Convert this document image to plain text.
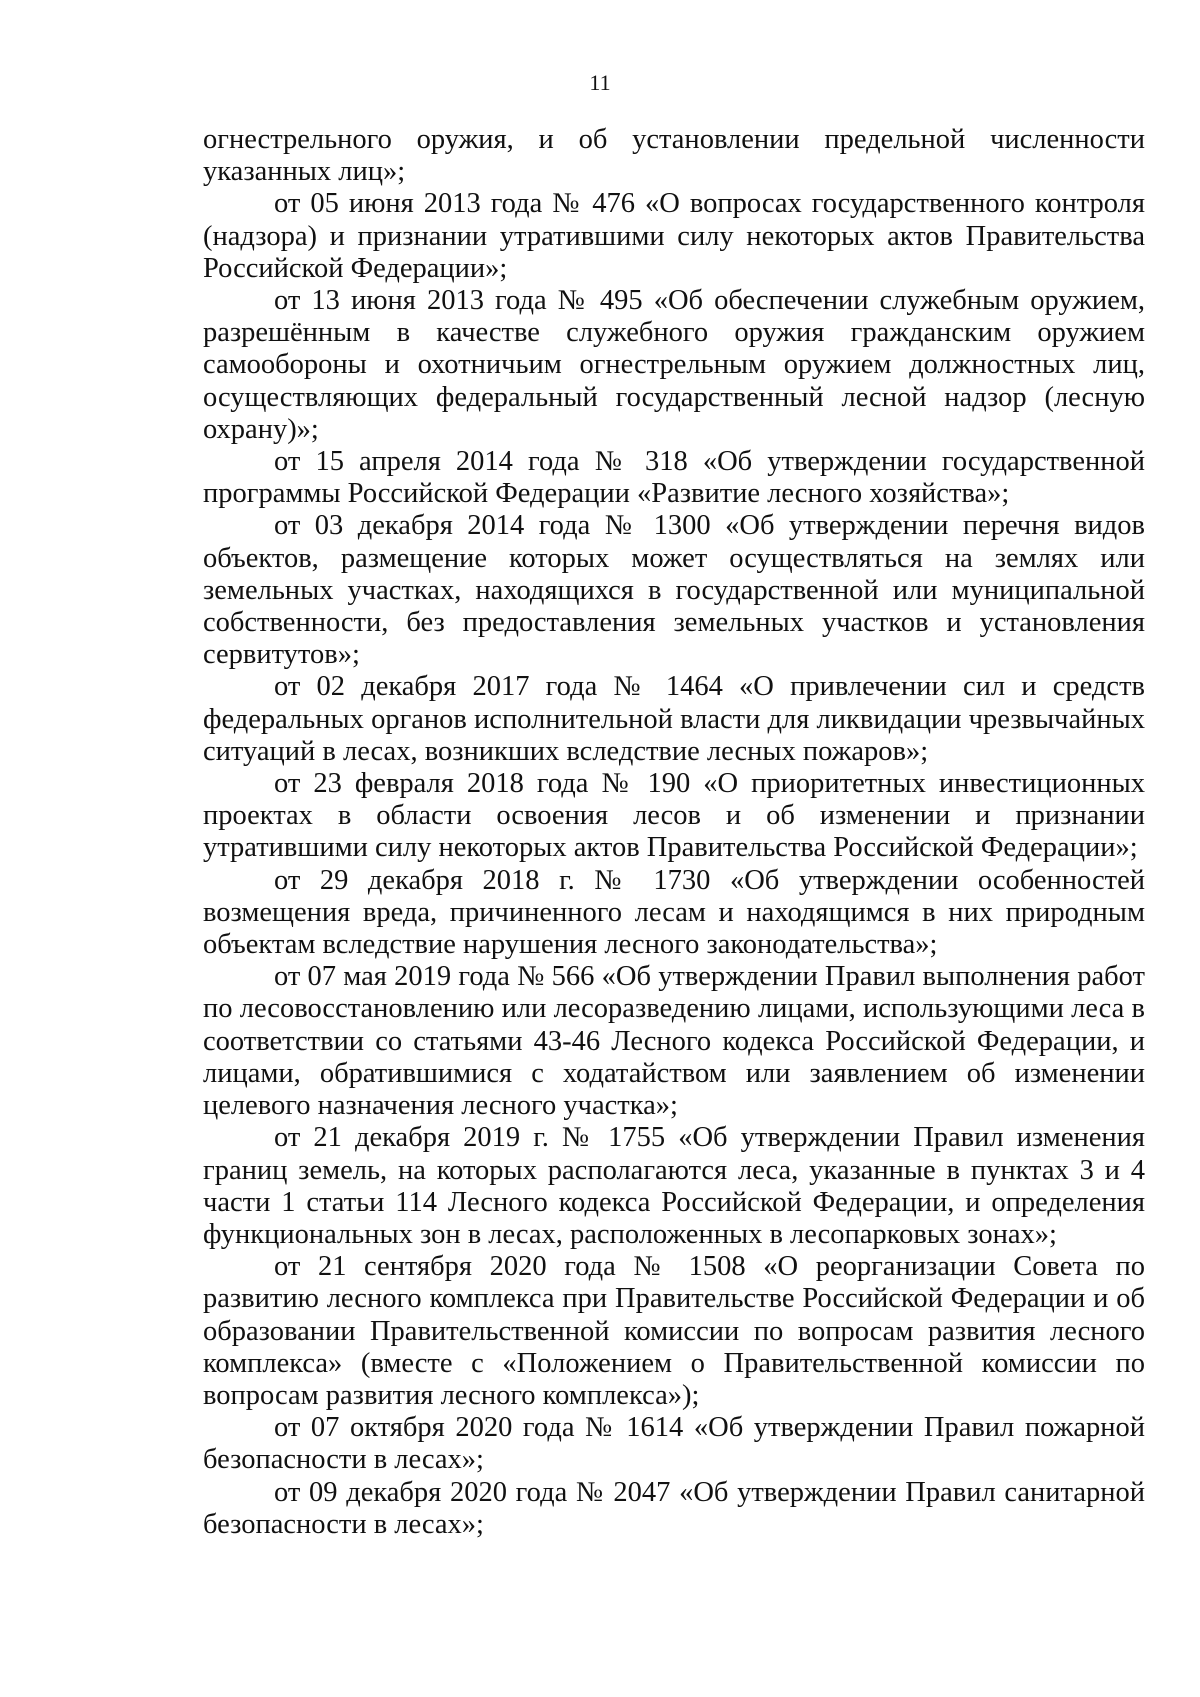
11

огнестрельного оружия, и об установлении предельной численности указанных лиц»;

от 05 июня 2013 года № 476 «О вопросах государственного контроля (надзора) и признании утратившими силу некоторых актов Правительства Российской Федерации»;

от 13 июня 2013 года № 495 «Об обеспечении служебным оружием, разрешённым в качестве служебного оружия гражданским оружием самообороны и охотничьим огнестрельным оружием должностных лиц, осуществляющих федеральный государственный лесной надзор (лесную охрану)»;

от 15 апреля 2014 года № 318 «Об утверждении государственной программы Российской Федерации «Развитие лесного хозяйства»;

от 03 декабря 2014 года № 1300 «Об утверждении перечня видов объектов, размещение которых может осуществляться на землях или земельных участках, находящихся в государственной или муниципальной собственности, без предоставления земельных участков и установления сервитутов»;

от 02 декабря 2017 года № 1464 «О привлечении сил и средств федеральных органов исполнительной власти для ликвидации чрезвычайных ситуаций в лесах, возникших вследствие лесных пожаров»;

от 23 февраля 2018 года № 190 «О приоритетных инвестиционных проектах в области освоения лесов и об изменении и признании утратившими силу некоторых актов Правительства Российской Федерации»;

от 29 декабря 2018 г. № 1730 «Об утверждении особенностей возмещения вреда, причиненного лесам и находящимся в них природным объектам вследствие нарушения лесного законодательства»;

от 07 мая 2019 года № 566 «Об утверждении Правил выполнения работ по лесовосстановлению или лесоразведению лицами, использующими леса в соответствии со статьями 43-46 Лесного кодекса Российской Федерации, и лицами, обратившимися с ходатайством или заявлением об изменении целевого назначения лесного участка»;

от 21 декабря 2019 г. № 1755 «Об утверждении Правил изменения границ земель, на которых располагаются леса, указанные в пунктах 3 и 4 части 1 статьи 114 Лесного кодекса Российской Федерации, и определения функциональных зон в лесах, расположенных в лесопарковых зонах»;

от 21 сентября 2020 года № 1508 «О реорганизации Совета по развитию лесного комплекса при Правительстве Российской Федерации и об образовании Правительственной комиссии по вопросам развития лесного комплекса» (вместе с «Положением о Правительственной комиссии по вопросам развития лесного комплекса»);

от 07 октября 2020 года № 1614 «Об утверждении Правил пожарной безопасности в лесах»;

от 09 декабря 2020 года № 2047 «Об утверждении Правил санитарной безопасности в лесах»;
